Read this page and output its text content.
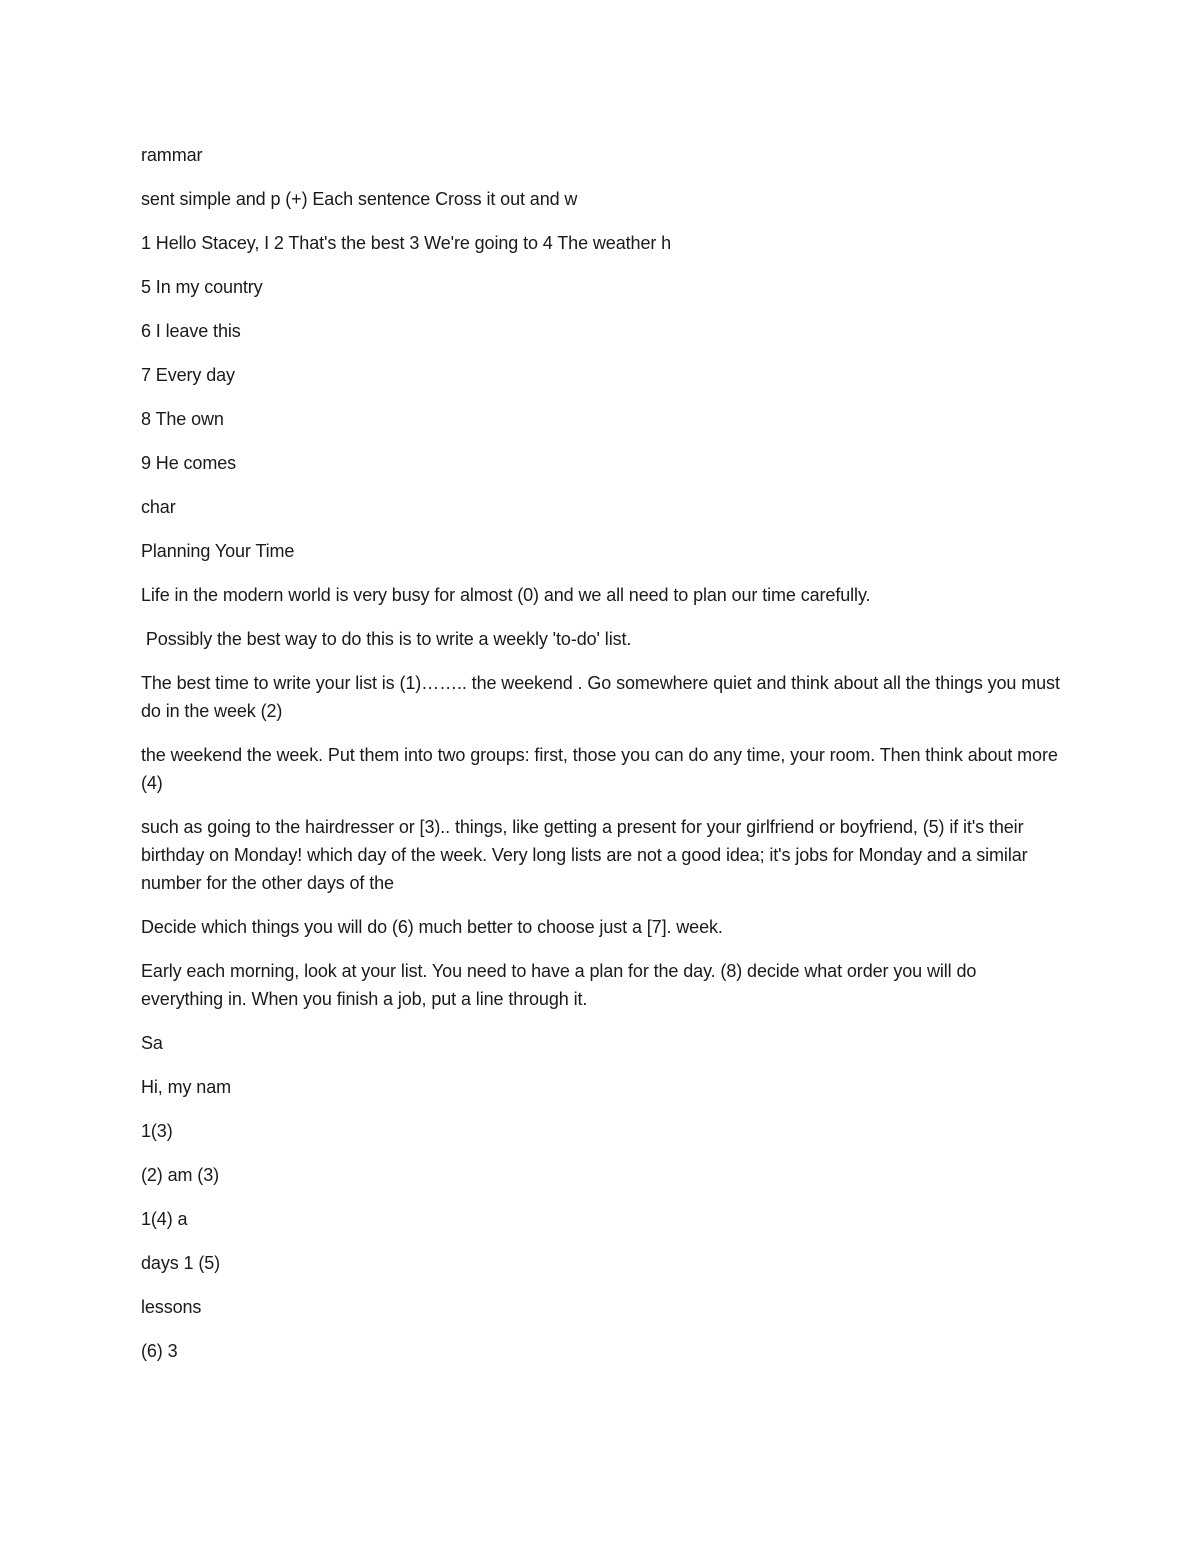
rammar

sent simple and p (+) Each sentence Cross it out and w

1 Hello Stacey, I 2 That's the best 3 We're going to 4 The weather h

5 In my country

6 I leave this

7 Every day

8 The own

9 He comes

char

Planning Your Time

Life in the modern world is very busy for almost (0) and we all need to plan our time carefully.

Possibly the best way to do this is to write a weekly 'to-do' list.

The best time to write your list is (1)…….. the weekend . Go somewhere quiet and think about all the things you must do in the week (2)

the weekend the week. Put them into two groups: first, those you can do any time, your room. Then think about more (4)

such as going to the hairdresser or [3).. things, like getting a present for your girlfriend or boyfriend, (5) if it's their birthday on Monday! which day of the week. Very long lists are not a good idea; it's jobs for Monday and a similar number for the other days of the

Decide which things you will do (6) much better to choose just a [7]. week.

Early each morning, look at your list. You need to have a plan for the day. (8) decide what order you will do everything in. When you finish a job, put a line through it.

Sa

Hi, my nam

1(3)

(2) am (3)

1(4) a

days 1 (5)

lessons

(6) 3
